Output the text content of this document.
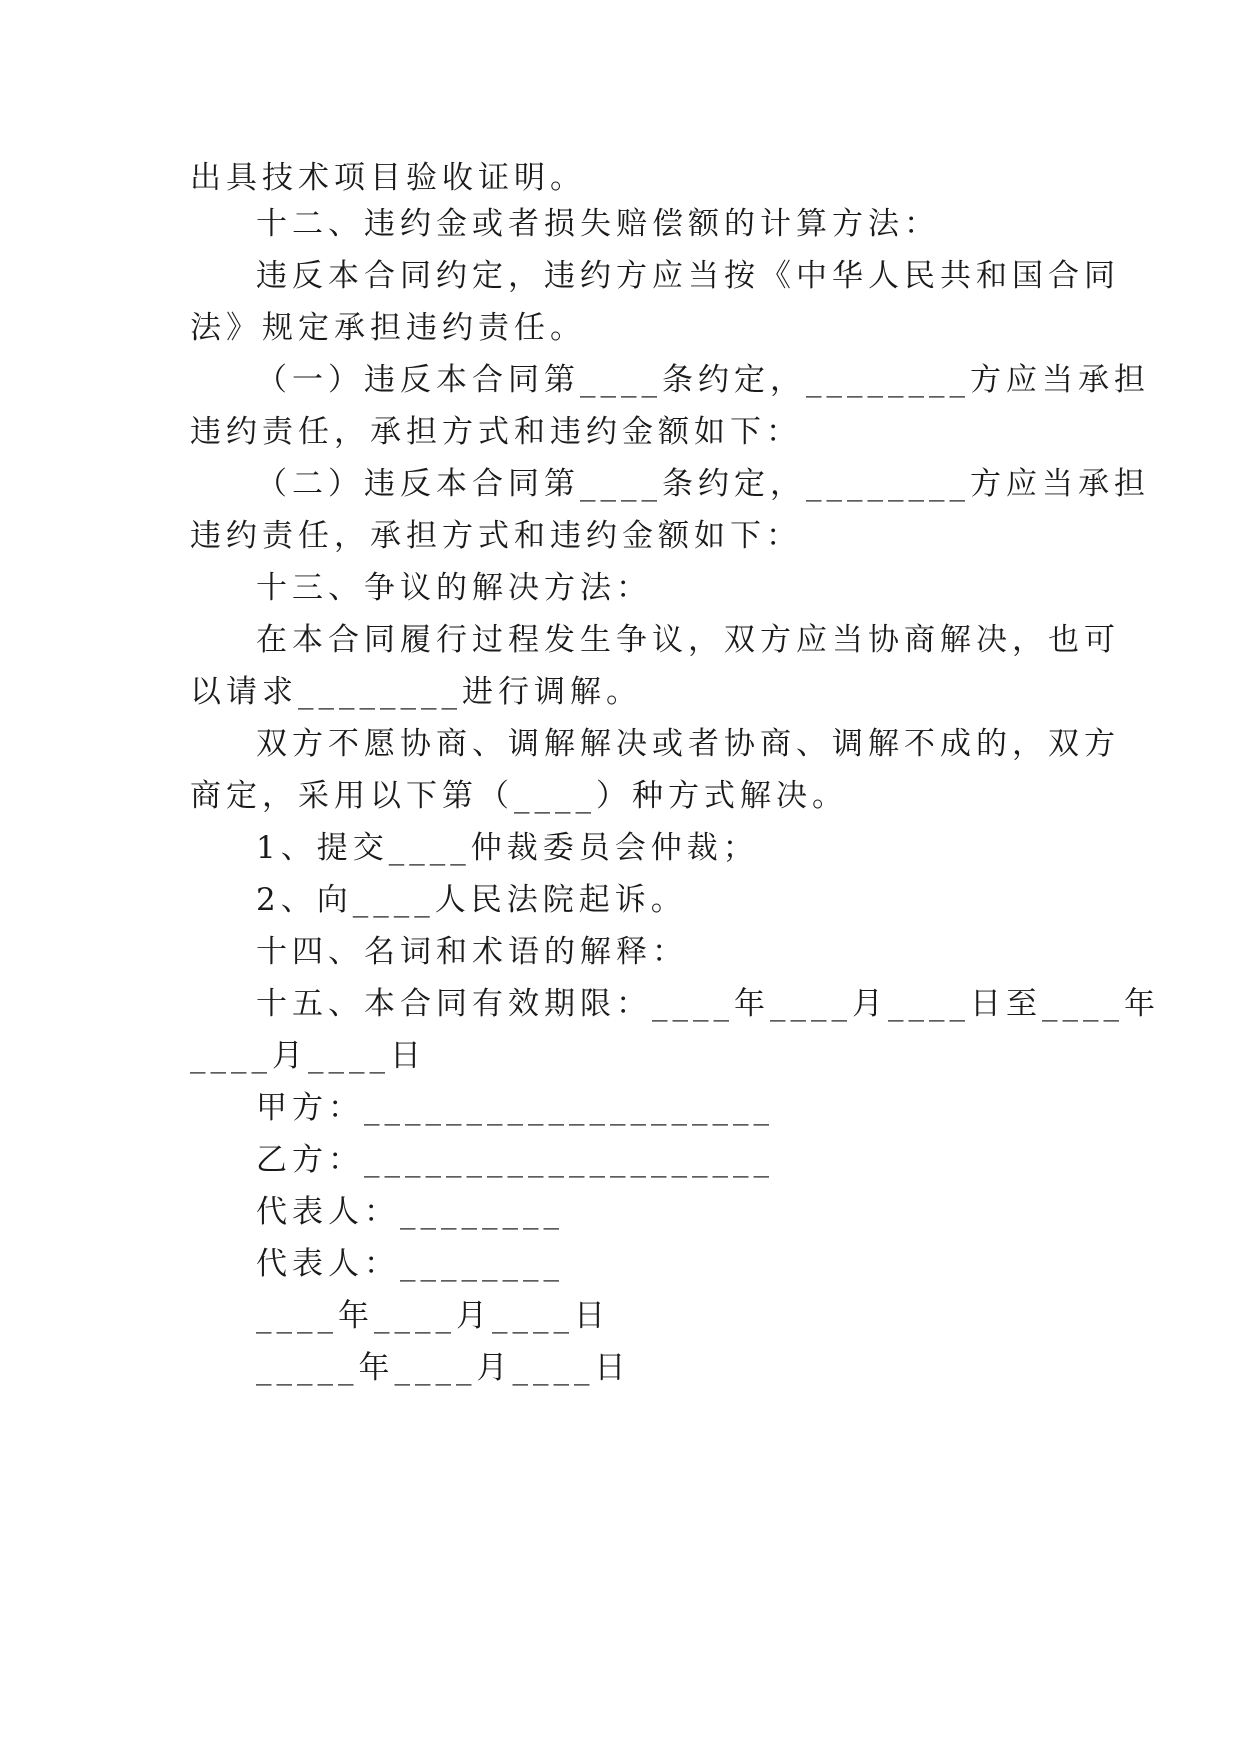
出具技术项目验收证明。
十二、违约金或者损失赔偿额的计算方法：
违反本合同约定，违约方应当按《中华人民共和国合同
法》规定承担违约责任。
（一）违反本合同第____条约定，________方应当承担
违约责任，承担方式和违约金额如下：
（二）违反本合同第____条约定，________方应当承担
违约责任，承担方式和违约金额如下：
十三、争议的解决方法：
在本合同履行过程发生争议，双方应当协商解决，也可
以请求________进行调解。
双方不愿协商、调解解决或者协商、调解不成的，双方
商定，采用以下第（____）种方式解决。
1、提交____仲裁委员会仲裁；
2、向____人民法院起诉。
十四、名词和术语的解释：
十五、本合同有效期限：____年____月____日至____年
____月____日
甲方：____________________
乙方：____________________
代表人：________
代表人：________
____年____月____日
_____年____月____日
